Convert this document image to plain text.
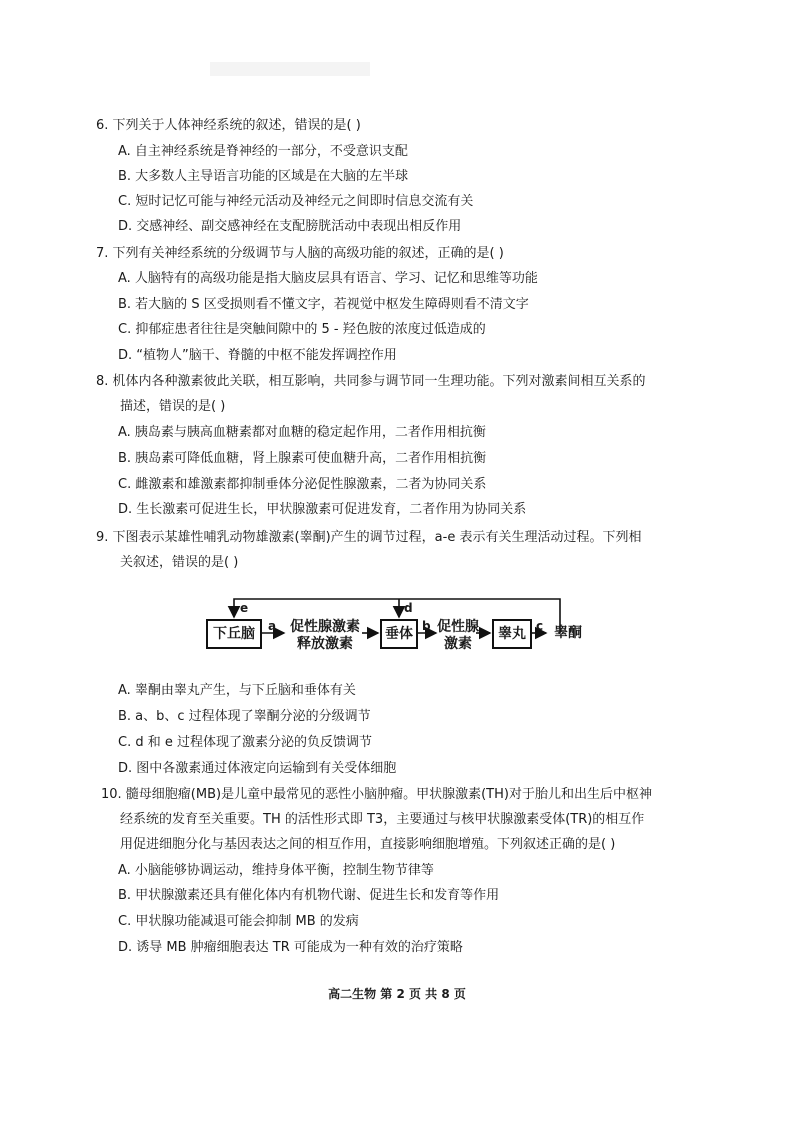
6. 下列关于人体神经系统的叙述，错误的是( )
A. 自主神经系统是脊神经的一部分，不受意识支配
B. 大多数人主导语言功能的区域是在大脑的左半球
C. 短时记忆可能与神经元活动及神经元之间即时信息交流有关
D. 交感神经、副交感神经在支配膀胱活动中表现出相反作用
7. 下列有关神经系统的分级调节与人脑的高级功能的叙述，正确的是( )
A. 人脑特有的高级功能是指大脑皮层具有语言、学习、记忆和思维等功能
B. 若大脑的 S 区受损则看不懂文字，若视觉中枢发生障碍则看不清文字
C. 抑郁症患者往往是突触间隙中的 5 - 羟色胺的浓度过低造成的
D. “植物人”脑干、脊髓的中枢不能发挥调控作用
8. 机体内各种激素彼此关联，相互影响，共同参与调节同一生理功能。下列对激素间相互关系的
描述，错误的是( )
A. 胰岛素与胰高血糖素都对血糖的稳定起作用，二者作用相抗衡
B. 胰岛素可降低血糖，肾上腺素可使血糖升高，二者作用相抗衡
C. 雌激素和雄激素都抑制垂体分泌促性腺激素，二者为协同关系
D. 生长激素可促进生长，甲状腺激素可促进发育，二者作用为协同关系
9. 下图表示某雄性哺乳动物雄激素(睾酮)产生的调节过程，a-e 表示有关生理活动过程。下列相
关叙述，错误的是( )
e	d
a	b	c
下丘脑	促性腺激素
释放激素
垂体	促性腺
激素
睾丸	睾酮
A. 睾酮由睾丸产生，与下丘脑和垂体有关
B. a、b、c 过程体现了睾酮分泌的分级调节
C. d 和 e 过程体现了激素分泌的负反馈调节
D. 图中各激素通过体液定向运输到有关受体细胞
10. 髓母细胞瘤(MB)是儿童中最常见的恶性小脑肿瘤。甲状腺激素(TH)对于胎儿和出生后中枢神
经系统的发育至关重要。TH 的活性形式即 T3，主要通过与核甲状腺激素受体(TR)的相互作
用促进细胞分化与基因表达之间的相互作用，直接影响细胞增殖。下列叙述正确的是( )
A. 小脑能够协调运动，维持身体平衡，控制生物节律等
B. 甲状腺激素还具有催化体内有机物代谢、促进生长和发育等作用
C. 甲状腺功能减退可能会抑制 MB 的发病
D. 诱导 MB 肿瘤细胞表达 TR 可能成为一种有效的治疗策略
高二生物 第 2 页 共 8 页
